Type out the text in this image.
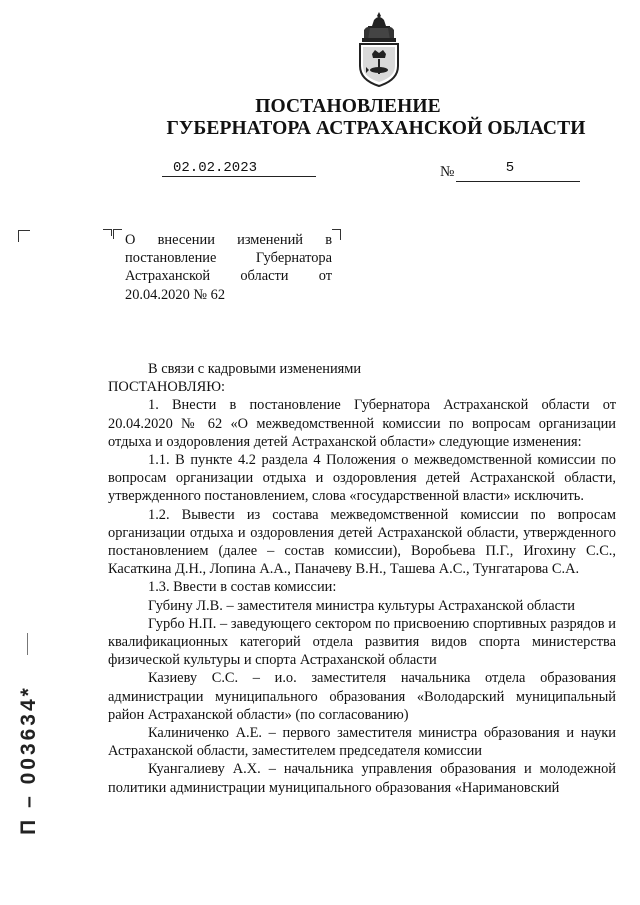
ПОСТАНОВЛЕНИЕ
ГУБЕРНАТОРА АСТРАХАНСКОЙ ОБЛАСТИ
02.02.2023	№	5
О внесении изменений в постановление Губернатора Астраханской области от 20.04.2020 № 62

В связи с кадровыми изменениями

ПОСТАНОВЛЯЮ:

1. Внести в постановление Губернатора Астраханской области от 20.04.2020 № 62 «О межведомственной комиссии по вопросам организации отдыха и оздоровления детей Астраханской области» следующие изменения:

1.1. В пункте 4.2 раздела 4 Положения о межведомственной комиссии по вопросам организации отдыха и оздоровления детей Астраханской области, утвержденного постановлением, слова «государственной власти» исключить.

1.2. Вывести из состава межведомственной комиссии по вопросам организации отдыха и оздоровления детей Астраханской области, утвержденного постановлением (далее – состав комиссии), Воробьева П.Г., Игохину С.С., Касаткина Д.Н., Лопина А.А., Паначеву В.Н., Ташева А.С., Тунгатарова С.А.

1.3. Ввести в состав комиссии:

Губину Л.В. – заместителя министра культуры Астраханской области

Гурбо Н.П. – заведующего сектором по присвоению спортивных разрядов и квалификационных категорий отдела развития видов спорта министерства физической культуры и спорта Астраханской области

Казиеву С.С. – и.о. заместителя начальника отдела образования администрации муниципального образования «Володарский муниципальный район Астраханской области» (по согласованию)

Калиниченко А.Е. – первого заместителя министра образования и науки Астраханской области, заместителем председателя комиссии

Куангалиеву А.Х. – начальника управления образования и молодежной политики администрации муниципального образования «Наримановский

П – 003634*
